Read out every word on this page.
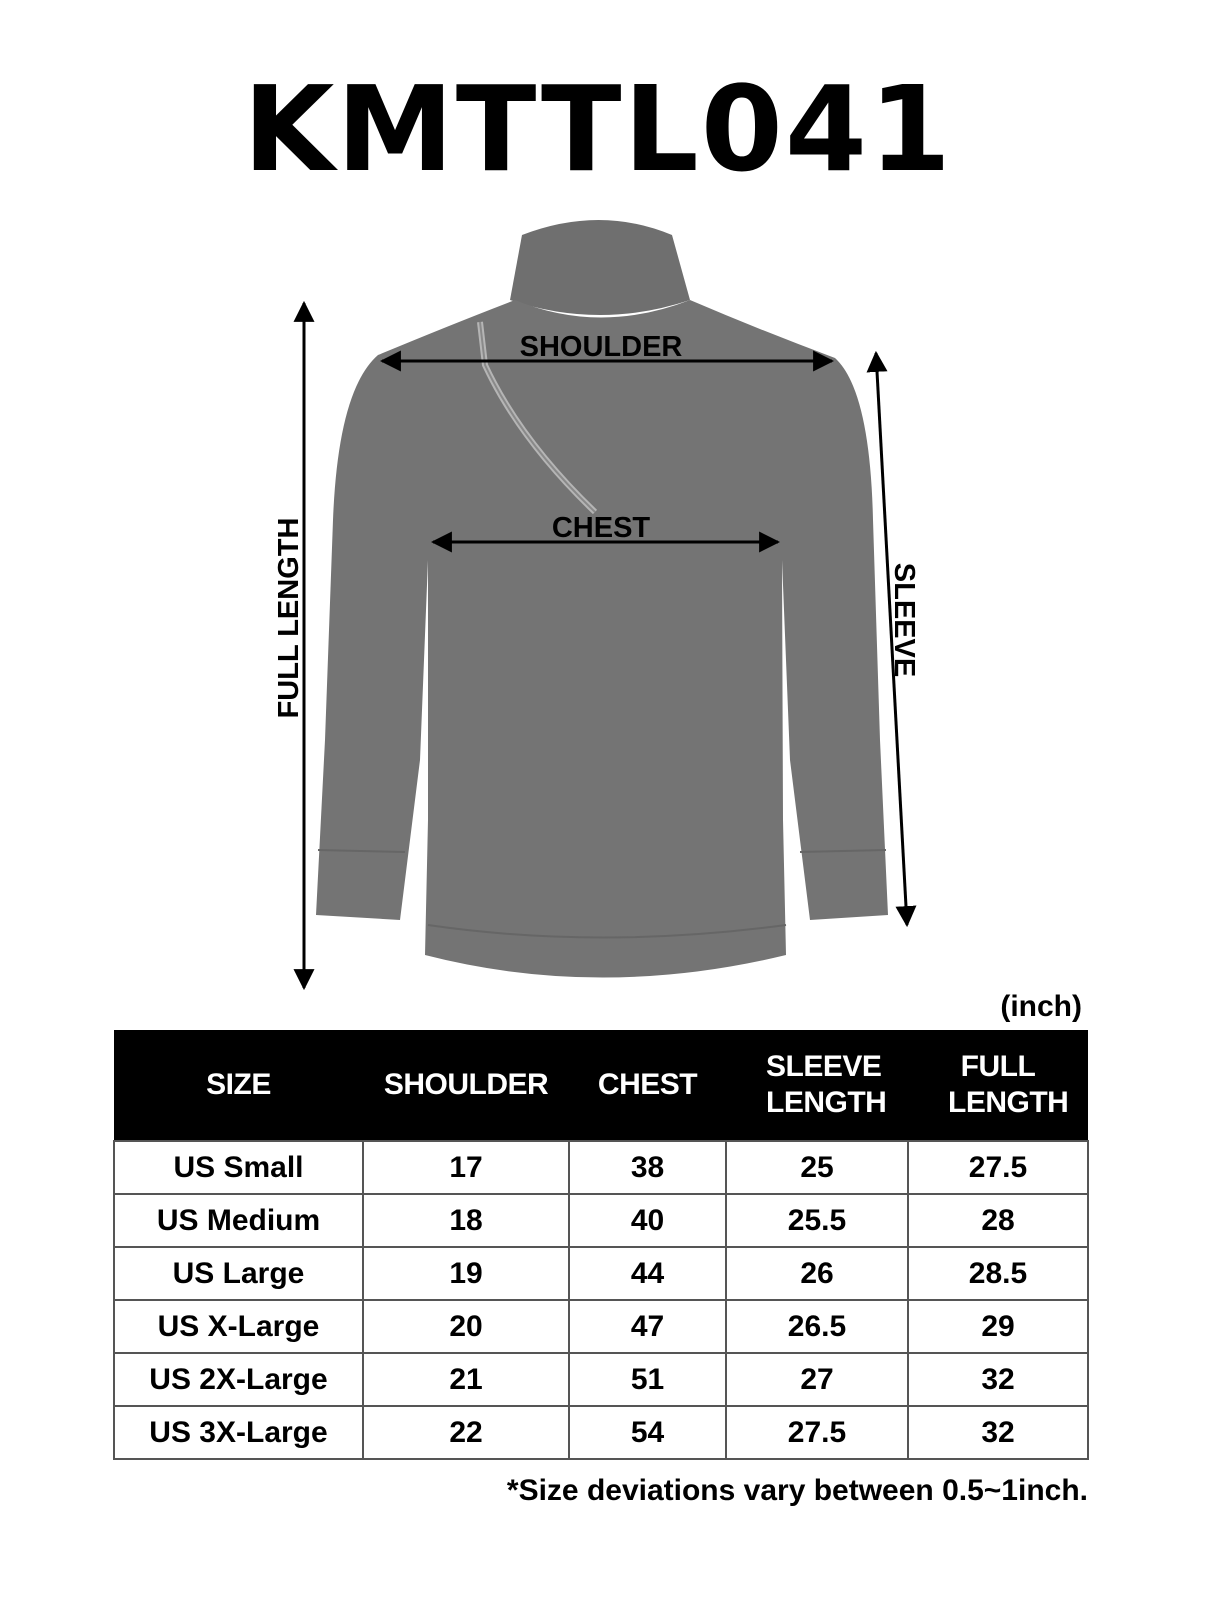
KMTTL041
SHOULDER
CHEST
FULL LENGTH	SLEEVE
(inch)
SIZE	SHOULDER	CHEST	SLEEVE LENGTH	FULL LENGTH
US Small	17	38	25	27.5
US Medium	18	40	25.5	28
US Large	19	44	26	28.5
US X-Large	20	47	26.5	29
US 2X-Large	21	51	27	32
US 3X-Large	22	54	27.5	32
*Size deviations vary between 0.5~1inch.
